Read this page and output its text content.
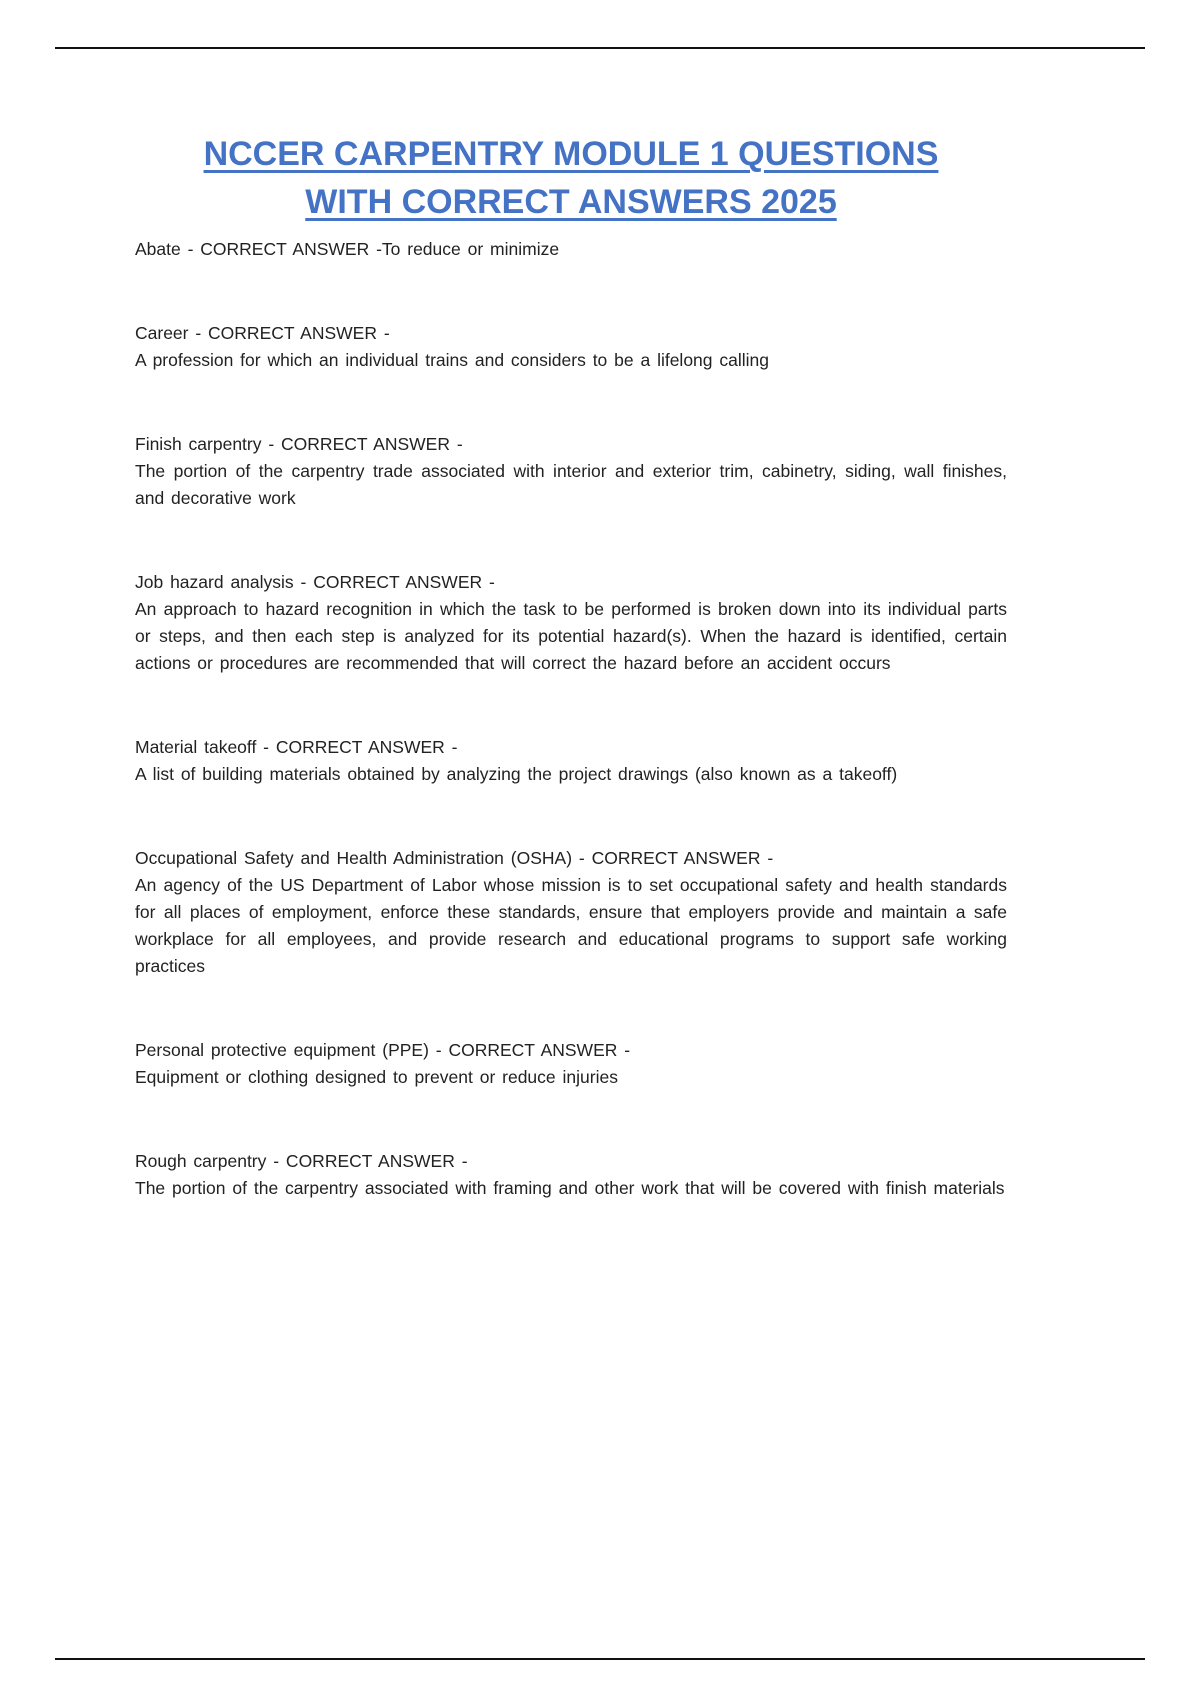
NCCER CARPENTRY MODULE 1 QUESTIONS
WITH CORRECT ANSWERS 2025
Abate - CORRECT ANSWER -To reduce or minimize
Career - CORRECT ANSWER -
A profession for which an individual trains and considers to be a lifelong calling
Finish carpentry - CORRECT ANSWER -
The portion of the carpentry trade associated with interior and exterior trim, cabinetry, siding, wall finishes, and decorative work
Job hazard analysis - CORRECT ANSWER -
An approach to hazard recognition in which the task to be performed is broken down into its individual parts or steps, and then each step is analyzed for its potential hazard(s). When the hazard is identified, certain actions or procedures are recommended that will correct the hazard before an accident occurs
Material takeoff - CORRECT ANSWER -
A list of building materials obtained by analyzing the project drawings (also known as a takeoff)
Occupational Safety and Health Administration (OSHA) - CORRECT ANSWER -
An agency of the US Department of Labor whose mission is to set occupational safety and health standards for all places of employment, enforce these standards, ensure that employers provide and maintain a safe workplace for all employees, and provide research and educational programs to support safe working practices
Personal protective equipment (PPE) - CORRECT ANSWER -
Equipment or clothing designed to prevent or reduce injuries
Rough carpentry - CORRECT ANSWER -
The portion of the carpentry associated with framing and other work that will be covered with finish materials
